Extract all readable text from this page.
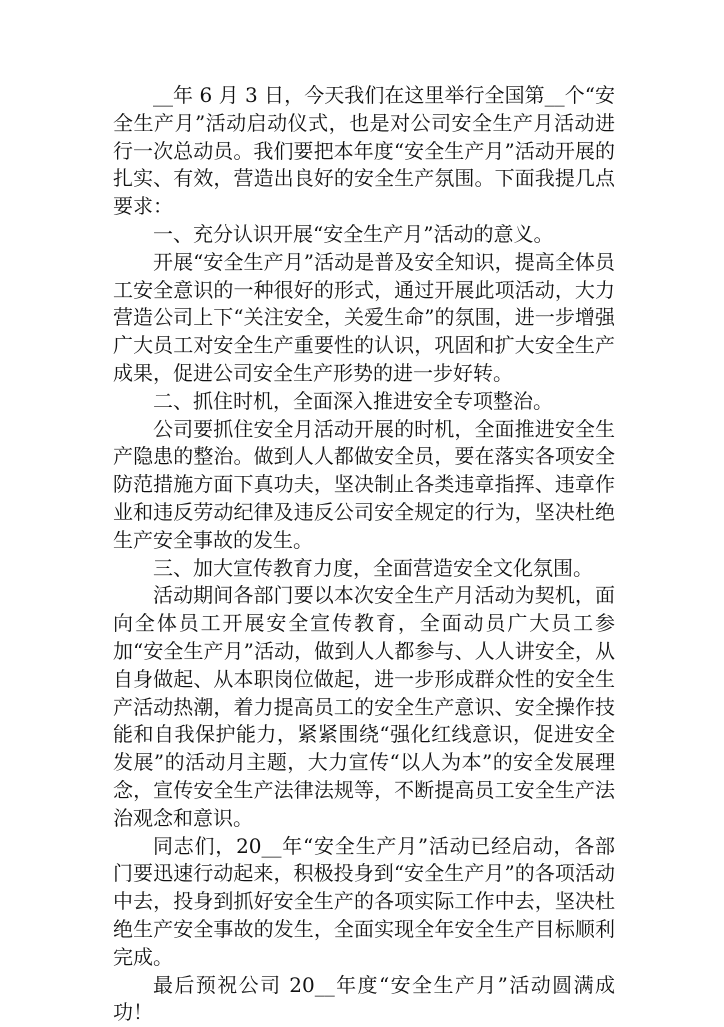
__年 6 月 3 日，今天我们在这里举行全国第__个“安全生产月”活动启动仪式，也是对公司安全生产月活动进行一次总动员。我们要把本年度“安全生产月”活动开展的扎实、有效，营造出良好的安全生产氛围。下面我提几点要求：

一、充分认识开展“安全生产月”活动的意义。

开展“安全生产月”活动是普及安全知识，提高全体员工安全意识的一种很好的形式，通过开展此项活动，大力营造公司上下“关注安全，关爱生命”的氛围，进一步增强广大员工对安全生产重要性的认识，巩固和扩大安全生产成果，促进公司安全生产形势的进一步好转。

二、抓住时机，全面深入推进安全专项整治。

公司要抓住安全月活动开展的时机，全面推进安全生产隐患的整治。做到人人都做安全员，要在落实各项安全防范措施方面下真功夫，坚决制止各类违章指挥、违章作业和违反劳动纪律及违反公司安全规定的行为，坚决杜绝生产安全事故的发生。

三、加大宣传教育力度，全面营造安全文化氛围。

活动期间各部门要以本次安全生产月活动为契机，面向全体员工开展安全宣传教育，全面动员广大员工参加“安全生产月”活动，做到人人都参与、人人讲安全，从自身做起、从本职岗位做起，进一步形成群众性的安全生产活动热潮，着力提高员工的安全生产意识、安全操作技能和自我保护能力，紧紧围绕“强化红线意识，促进安全发展”的活动月主题，大力宣传“以人为本”的安全发展理念，宣传安全生产法律法规等，不断提高员工安全生产法治观念和意识。

同志们，20__年“安全生产月”活动已经启动，各部门要迅速行动起来，积极投身到“安全生产月”的各项活动中去，投身到抓好安全生产的各项实际工作中去，坚决杜绝生产安全事故的发生，全面实现全年安全生产目标顺利完成。

最后预祝公司 20__年度“安全生产月”活动圆满成功！
